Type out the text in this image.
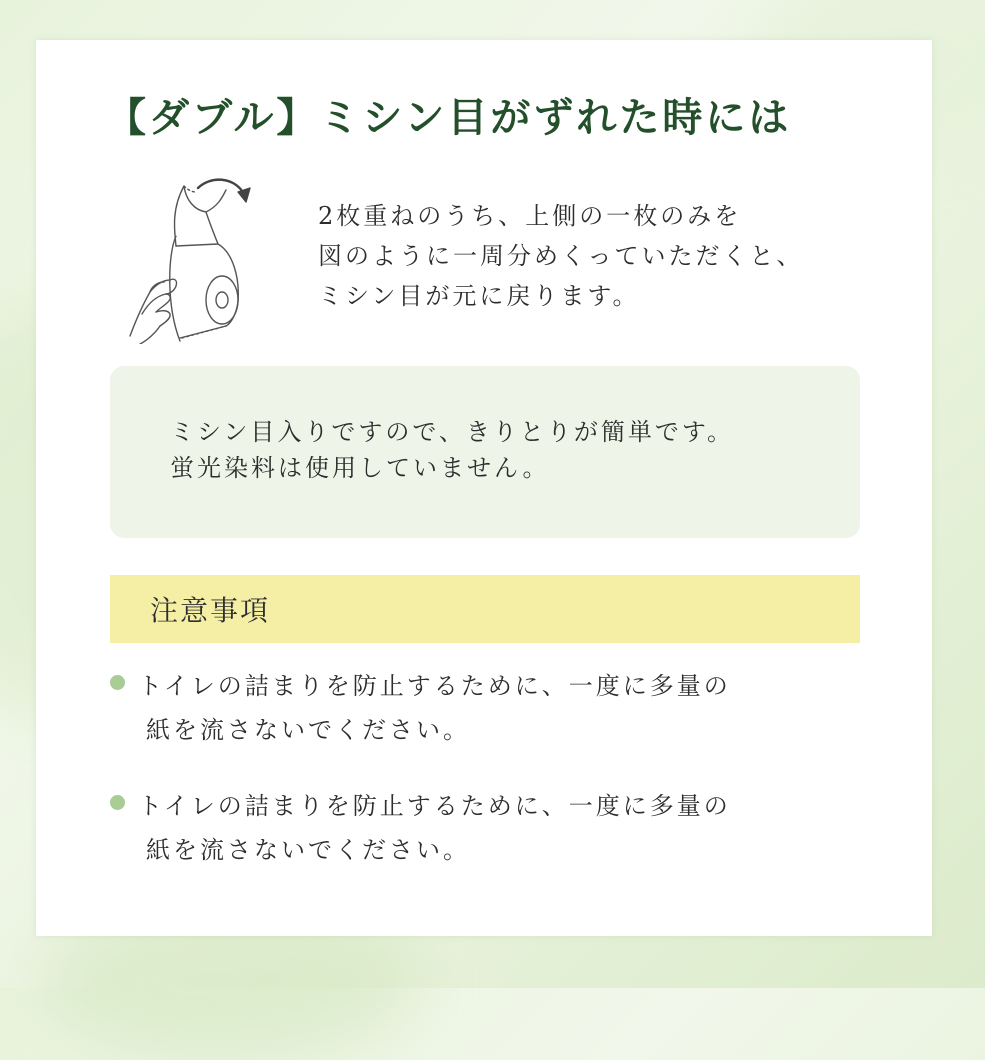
【ダブル】ミシン目がずれた時には

2枚重ねのうち、上側の一枚のみを

図のように一周分めくっていただくと、

ミシン目が元に戻ります。

ミシン目入りですので、きりとりが簡単です。

蛍光染料は使用していません。

注意事項

トイレの詰まりを防止するために、一度に多量の

紙を流さないでください。

トイレの詰まりを防止するために、一度に多量の

紙を流さないでください。
